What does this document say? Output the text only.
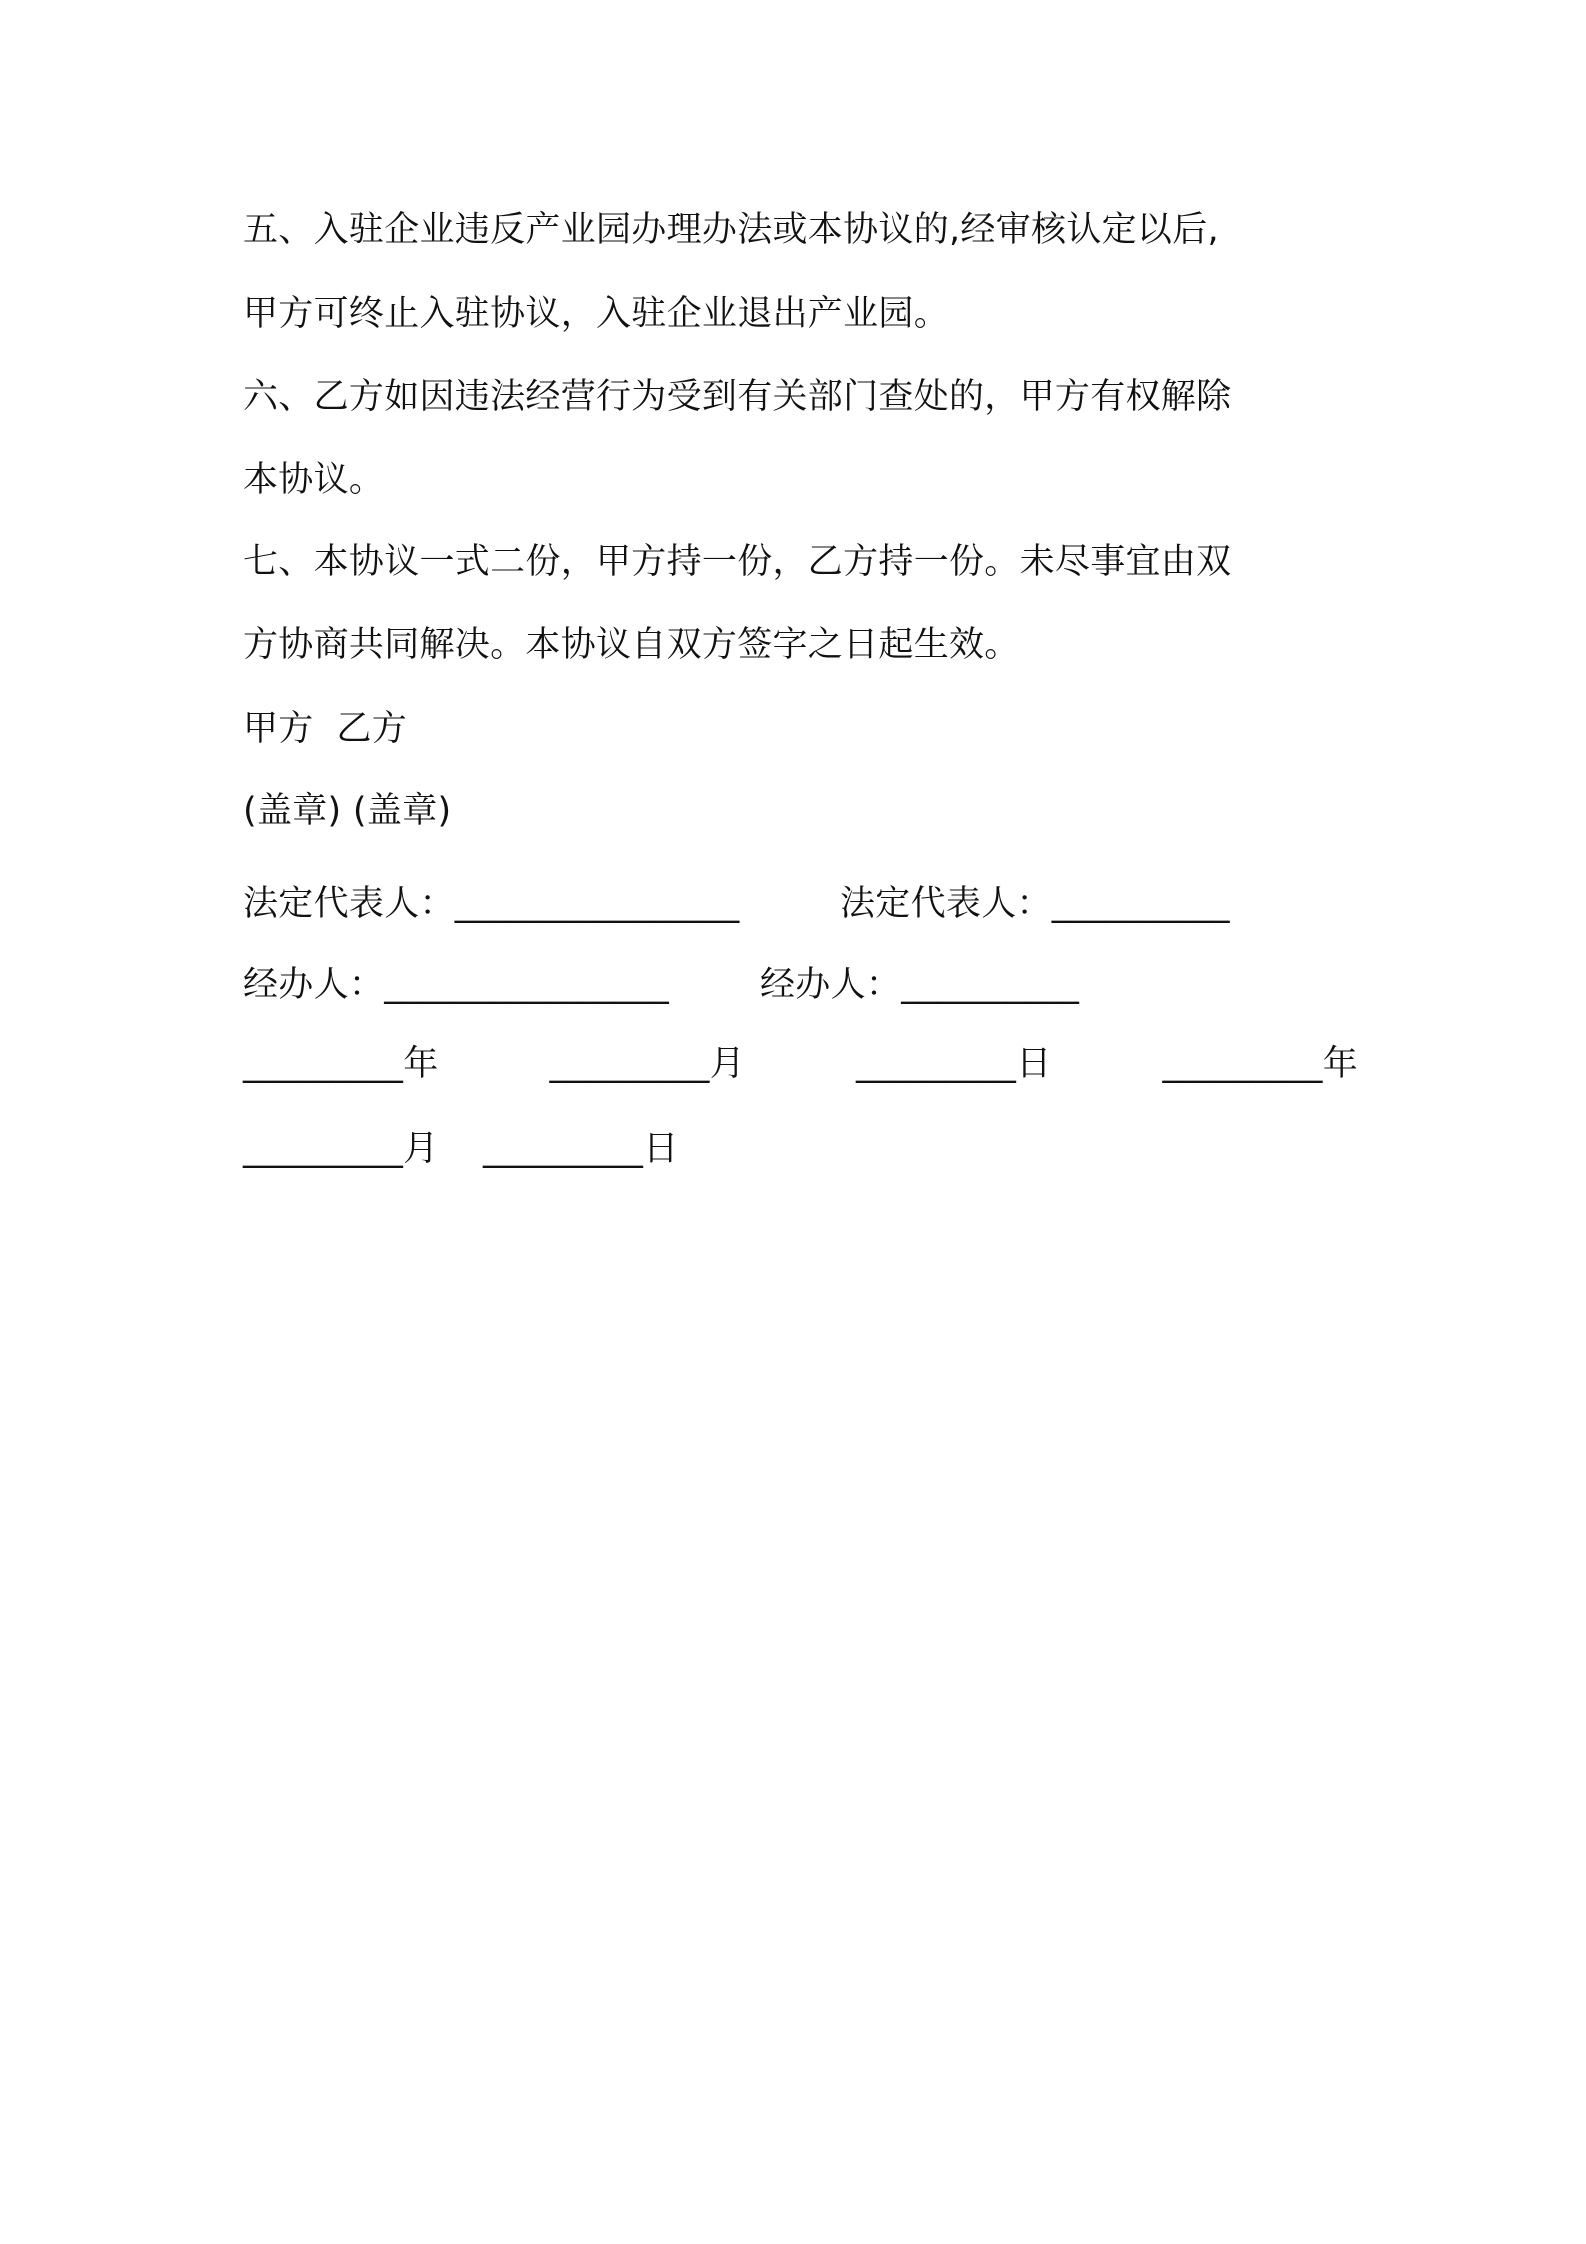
五、入驻企业违反产业园办理办法或本协议的,经审核认定以后,
甲方可终止入驻协议，入驻企业退出产业园。
六、乙方如因违法经营行为受到有关部门查处的，甲方有权解除
本协议。
七、本协议一式二份，甲方持一份，乙方持一份。未尽事宜由双
方协商共同解决。本协议自双方签字之日起生效。
甲方  乙方
(盖章) (盖章)
法定代表人：________________	法定代表人：__________
经办人：________________	经办人：__________
_________年	_________月	_________日	_________年
_________月 _________日
